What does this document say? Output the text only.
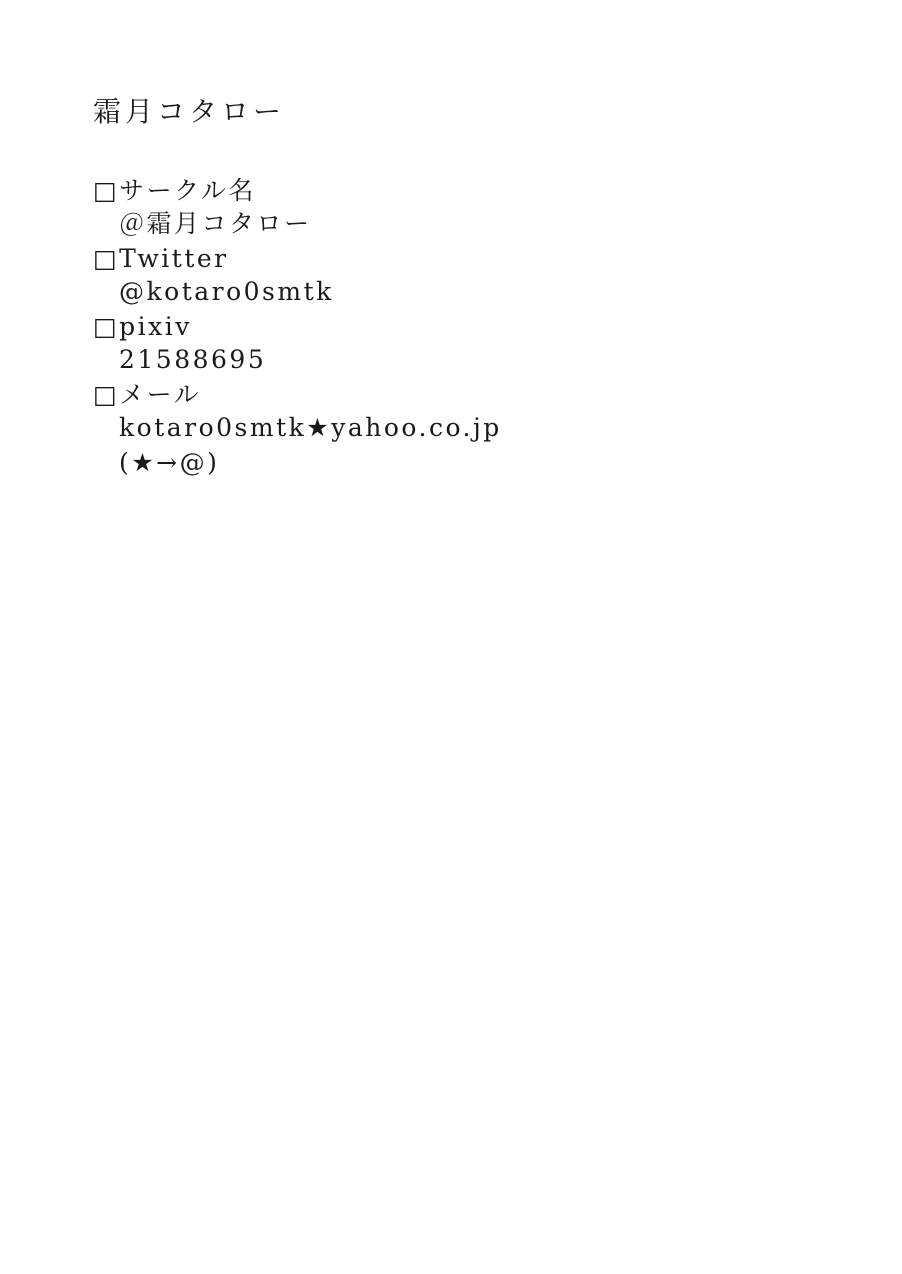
霜月コタロー
□サークル名
＠霜月コタロー
□Twitter
@kotaro0smtk
□pixiv
21588695
□メール
kotaro0smtk★yahoo.co.jp
(★→@)
